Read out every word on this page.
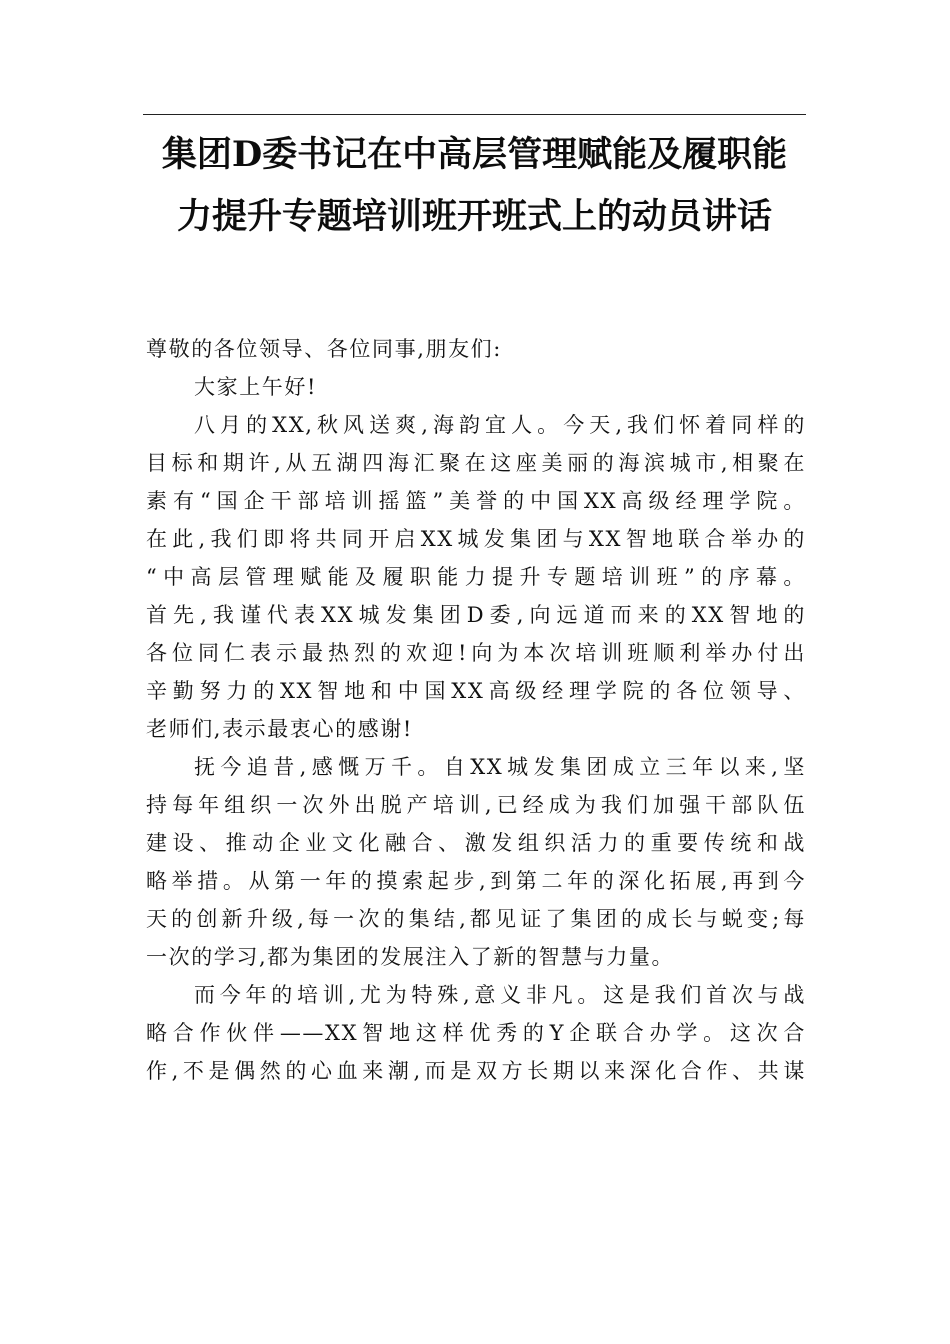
集团D委书记在中高层管理赋能及履职能
力提升专题培训班开班式上的动员讲话
尊敬的各位领导、各位同事,朋友们:
大家上午好!
八月的XX,秋风送爽,海韵宜人。今天,我们怀着同样的
目标和期许,从五湖四海汇聚在这座美丽的海滨城市,相聚在
素有“国企干部培训摇篮”美誉的中国XX高级经理学院。
在此,我们即将共同开启XX城发集团与XX智地联合举办的
“中高层管理赋能及履职能力提升专题培训班”的序幕。
首先,我谨代表XX城发集团D委,向远道而来的XX智地的
各位同仁表示最热烈的欢迎!向为本次培训班顺利举办付出
辛勤努力的XX智地和中国XX高级经理学院的各位领导、
老师们,表示最衷心的感谢!
抚今追昔,感慨万千。自XX城发集团成立三年以来,坚
持每年组织一次外出脱产培训,已经成为我们加强干部队伍
建设、推动企业文化融合、激发组织活力的重要传统和战
略举措。从第一年的摸索起步,到第二年的深化拓展,再到今
天的创新升级,每一次的集结,都见证了集团的成长与蜕变;每
一次的学习,都为集团的发展注入了新的智慧与力量。
而今年的培训,尤为特殊,意义非凡。这是我们首次与战
略合作伙伴——XX智地这样优秀的Y企联合办学。这次合
作,不是偶然的心血来潮,而是双方长期以来深化合作、共谋
